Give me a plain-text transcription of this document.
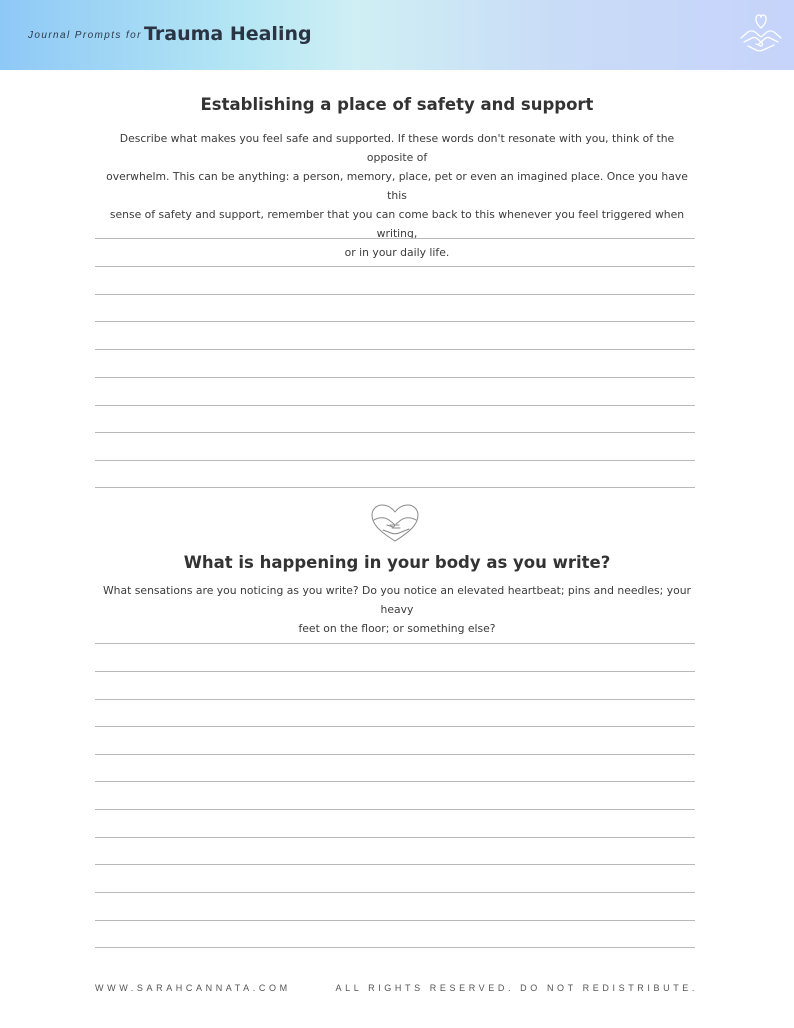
Journal Prompts for Trauma Healing
Establishing a place of safety and support
Describe what makes you feel safe and supported. If these words don't resonate with you, think of the opposite of
overwhelm. This can be anything: a person, memory, place, pet or even an imagined place. Once you have this
sense of safety and support, remember that you can come back to this whenever you feel triggered when writing,
or in your daily life.
What is happening in your body as you write?
What sensations are you noticing as you write? Do you notice an elevated heartbeat; pins and needles; your heavy
feet on the floor; or something else?
WWW.SARAHCANNATA.COM	ALL RIGHTS RESERVED. DO NOT REDISTRIBUTE.
